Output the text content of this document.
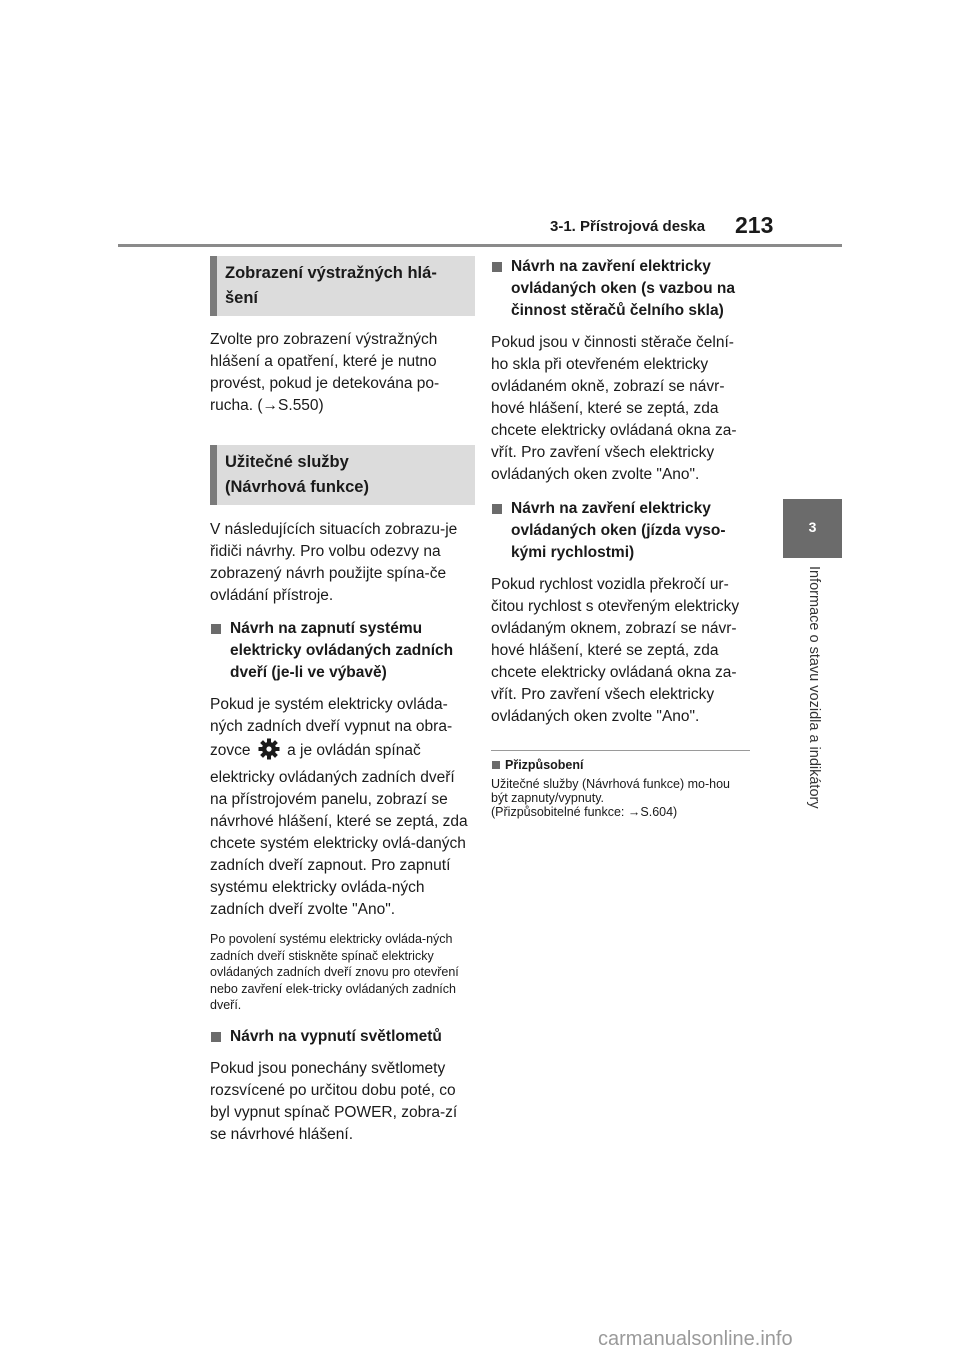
3-1. Přístrojová deska 213
3
Informace o stavu vozidla a indikátory
Zobrazení výstražných hlá-šení

Zvolte pro zobrazení výstražných hlášení a opatření, které je nutno provést, pokud je detekována po-rucha. (→S.550)

Užitečné služby
(Návrhová funkce)

V následujících situacích zobrazu-je řidiči návrhy. Pro volbu odezvy na zobrazený návrh použijte spína-če ovládání přístroje.

Návrh na zapnutí systému elektricky ovládaných zadních dveří (je-li ve výbavě)

Pokud je systém elektricky ovláda-ných zadních dveří vypnut na obra-zovce a je ovládán spínač elektricky ovládaných zadních dveří na přístrojovém panelu, zobrazí se návrhové hlášení, které se zeptá, zda chcete systém elektricky ovlá-daných zadních dveří zapnout. Pro zapnutí systému elektricky ovláda-ných zadních dveří zvolte "Ano".

Po povolení systému elektricky ovláda-ných zadních dveří stiskněte spínač elektricky ovládaných zadních dveří znovu pro otevření nebo zavření elek-tricky ovládaných zadních dveří.

Návrh na vypnutí světlometů

Pokud jsou ponechány světlomety rozsvícené po určitou dobu poté, co byl vypnut spínač POWER, zobra-zí se návrhové hlášení.

Návrh na zavření elektricky ovládaných oken (s vazbou na činnost stěračů čelního skla)

Pokud jsou v činnosti stěrače čelní-ho skla při otevřeném elektricky ovládaném okně, zobrazí se návr-hové hlášení, které se zeptá, zda chcete elektricky ovládaná okna za-vřít. Pro zavření všech elektricky ovládaných oken zvolte "Ano".

Návrh na zavření elektricky ovládaných oken (jízda vyso-kými rychlostmi)

Pokud rychlost vozidla překročí ur-čitou rychlost s otevřeným elektricky ovládaným oknem, zobrazí se návr-hové hlášení, které se zeptá, zda chcete elektricky ovládaná okna za-vřít. Pro zavření všech elektricky ovládaných oken zvolte "Ano".

Přizpůsobení

Užitečné služby (Návrhová funkce) mo-hou být zapnuty/vypnuty.

(Přizpůsobitelné funkce: →S.604)

carmanualsonline.info
